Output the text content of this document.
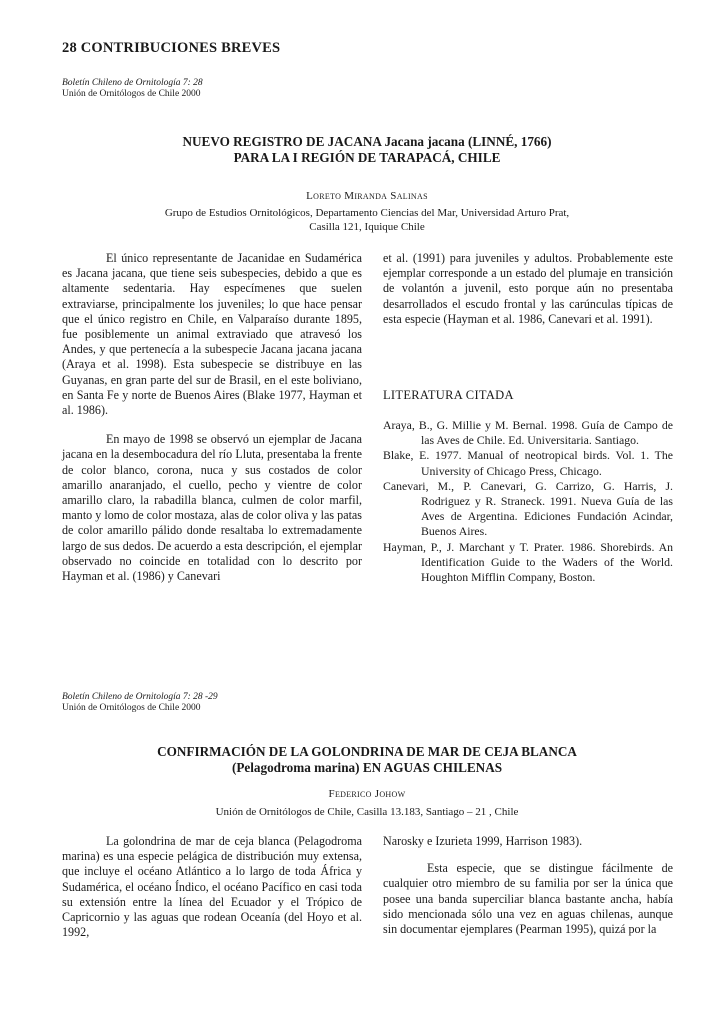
28 CONTRIBUCIONES BREVES
Boletín Chileno de Ornitología 7: 28
Unión de Ornitólogos de Chile 2000
NUEVO REGISTRO DE JACANA Jacana jacana (LINNÉ, 1766)
PARA LA I REGIÓN DE TARAPACÁ, CHILE
Loreto Miranda Salinas
Grupo de Estudios Ornitológicos, Departamento Ciencias del Mar, Universidad Arturo Prat,
Casilla 121, Iquique Chile

El único representante de Jacanidae en Sudamérica es Jacana jacana, que tiene seis subespecies, debido a que es altamente sedentaria. Hay especímenes que suelen extraviarse, principalmente los juveniles; lo que hace pensar que el único registro en Chile, en Valparaíso durante 1895, fue posiblemente un animal extraviado que atravesó los Andes, y que pertenecía a la subespecie Jacana jacana jacana (Araya et al. 1998). Esta subespecie se distribuye en las Guyanas, en gran parte del sur de Brasil, en el este boliviano, en Santa Fe y norte de Buenos Aires (Blake 1977, Hayman et al. 1986).

En mayo de 1998 se observó un ejemplar de Jacana jacana en la desembocadura del río Lluta, presentaba la frente de color blanco, corona, nuca y sus costados de color amarillo anaranjado, el cuello, pecho y vientre de color amarillo claro, la rabadilla blanca, culmen de color marfil, manto y lomo de color mostaza, alas de color oliva y las patas de color amarillo pálido donde resaltaba lo extremadamente largo de sus dedos. De acuerdo a esta descripción, el ejemplar observado no coincide en totalidad con lo descrito por Hayman et al. (1986) y Canevari

et al. (1991) para juveniles y adultos. Probablemente este ejemplar corresponde a un estado del plumaje en transición de volantón a juvenil, esto porque aún no presentaba desarrollados el escudo frontal y las carúnculas típicas de esta especie (Hayman et al. 1986, Canevari et al. 1991).

LITERATURA CITADA

Araya, B., G. Millie y M. Bernal. 1998. Guía de Campo de las Aves de Chile. Ed. Universitaria. Santiago.

Blake, E. 1977. Manual of neotropical birds. Vol. 1. The University of Chicago Press, Chicago.

Canevari, M., P. Canevari, G. Carrizo, G. Harris, J. Rodriguez y R. Straneck. 1991. Nueva Guía de las Aves de Argentina. Ediciones Fundación Acindar, Buenos Aires.

Hayman, P., J. Marchant y T. Prater. 1986. Shorebirds. An Identification Guide to the Waders of the World. Houghton Mifflin Company, Boston.

Boletín Chileno de Ornitología 7: 28 -29
Unión de Ornitólogos de Chile 2000
CONFIRMACIÓN DE LA GOLONDRINA DE MAR DE CEJA BLANCA
(Pelagodroma marina) EN AGUAS CHILENAS
Federico Johow
Unión de Ornitólogos de Chile, Casilla 13.183, Santiago – 21 , Chile

La golondrina de mar de ceja blanca (Pelagodroma marina) es una especie pelágica de distribución muy extensa, que incluye el océano Atlántico a lo largo de toda África y Sudamérica, el océano Índico, el océano Pacífico en casi toda su extensión entre la línea del Ecuador y el Trópico de Capricornio y las aguas que rodean Oceanía (del Hoyo et al. 1992,

Narosky e Izurieta 1999, Harrison 1983).

Esta especie, que se distingue fácilmente de cualquier otro miembro de su familia por ser la única que posee una banda superciliar blanca bastante ancha, había sido mencionada sólo una vez en aguas chilenas, aunque sin documentar ejemplares (Pearman 1995), quizá por la
